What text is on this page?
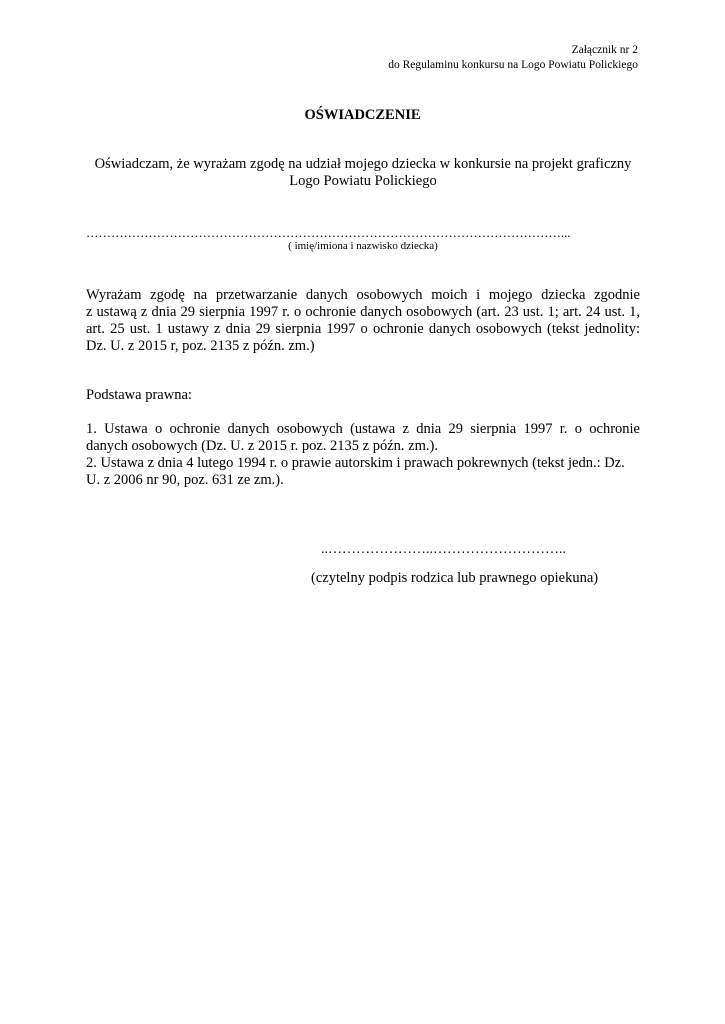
Załącznik nr 2
do Regulaminu konkursu na Logo Powiatu Polickiego
OŚWIADCZENIE
Oświadczam, że wyrażam zgodę na udział mojego dziecka w konkursie na projekt graficzny
Logo Powiatu Polickiego
……………………………………………………………………………………………………...
( imię/imiona i nazwisko dziecka)
Wyrażam zgodę na przetwarzanie danych osobowych moich i mojego dziecka zgodnie
z ustawą z dnia 29 sierpnia 1997 r. o ochronie danych osobowych (art. 23 ust. 1; art. 24 ust. 1,
art. 25 ust. 1 ustawy z dnia 29 sierpnia 1997 o ochronie danych osobowych (tekst jednolity:
Dz. U. z 2015 r, poz. 2135 z późn. zm.)
Podstawa prawna:
1. Ustawa o ochronie danych osobowych (ustawa z dnia 29 sierpnia 1997 r. o ochronie
danych osobowych (Dz. U. z 2015 r. poz. 2135 z późn. zm.).
2. Ustawa z dnia 4 lutego 1994 r. o prawie autorskim i prawach pokrewnych (tekst jedn.: Dz.
U. z 2006 nr 90, poz. 631 ze zm.).
..…………………..………………………..
(czytelny podpis rodzica lub prawnego opiekuna)
